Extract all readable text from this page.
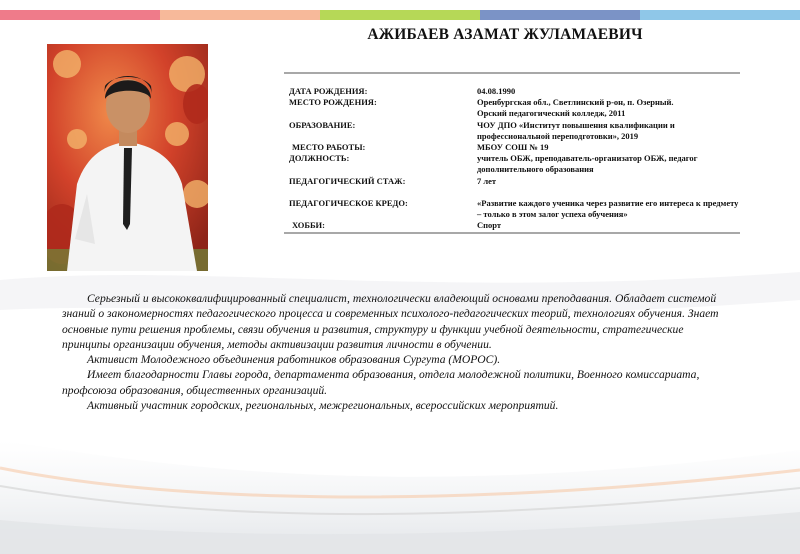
АЖИБАЕВ АЗАМАТ ЖУЛАМАЕВИЧ
ДАТА РОЖДЕНИЯ:	04.08.1990
МЕСТО РОЖДЕНИЯ:	Оренбургская обл., Светлинский р-он, п. Озерный.
	Орский педагогический колледж, 2011
ОБРАЗОВАНИЕ:	ЧОУ ДПО «Институт повышения квалификации и профессиональной переподготовки», 2019
МЕСТО РАБОТЫ:	МБОУ СОШ № 19
ДОЛЖНОСТЬ:	учитель ОБЖ, преподаватель-организатор ОБЖ, педагог дополнительного образования
ПЕДАГОГИЧЕСКИЙ СТАЖ:	7 лет
ПЕДАГОГИЧЕСКОЕ КРЕДО:	«Развитие каждого ученика через развитие его интереса к предмету – только в этом залог успеха обучения»
ХОББИ:	Спорт

Серьезный и высококвалифицированный специалист, технологически владеющий основами преподавания. Обладает системой знаний о закономерностях педагогического процесса и современных психолого-педагогических теорий, технологиях обучения. Знает основные пути решения проблемы, связи обучения и развития, структуру и функции учебной деятельности, стратегические принципы организации обучения, методы активизации развития личности в обучении.

Активист Молодежного объединения работников образования Сургута (МОРОС).

Имеет благодарности Главы города, департамента образования, отдела молодежной политики, Военного комиссариата, профсоюза образования, общественных организаций.

Активный участник городских, региональных, межрегиональных, всероссийских мероприятий.
